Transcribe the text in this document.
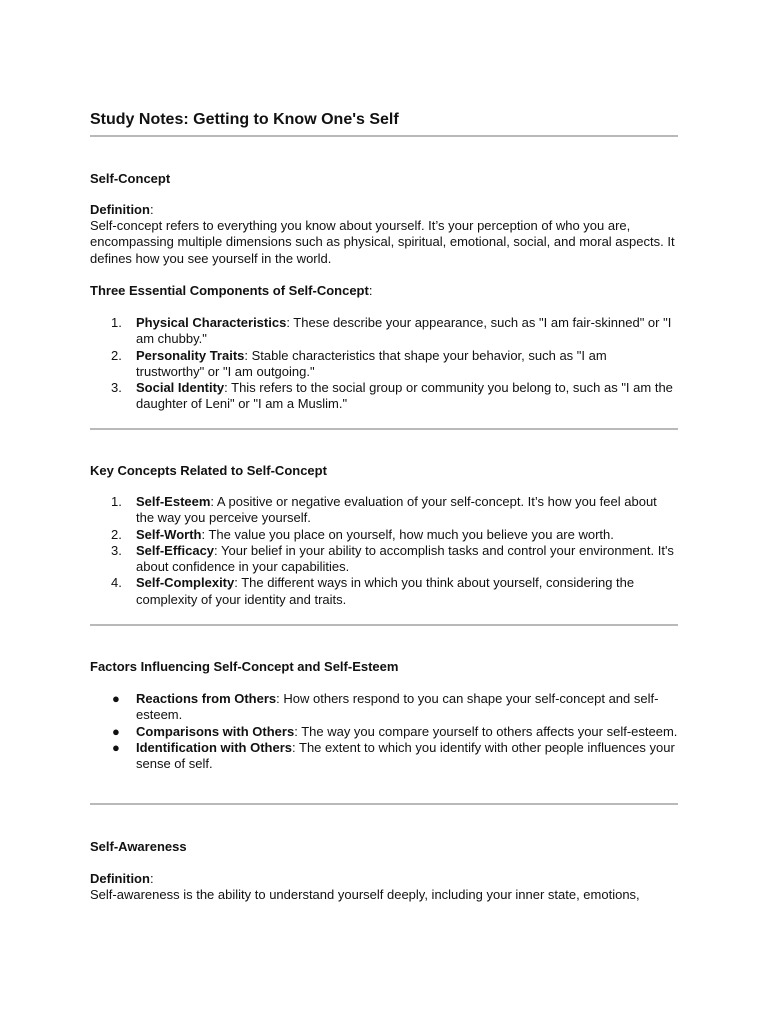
Study Notes: Getting to Know One's Self
Self-Concept
Definition:

Self-concept refers to everything you know about yourself. It’s your perception of who you are, encompassing multiple dimensions such as physical, spiritual, emotional, social, and moral aspects. It defines how you see yourself in the world.

Three Essential Components of Self-Concept:
1.	Physical Characteristics: These describe your appearance, such as "I am fair-skinned" or "I am chubby."
2.	Personality Traits: Stable characteristics that shape your behavior, such as "I am trustworthy" or "I am outgoing."
3.	Social Identity: This refers to the social group or community you belong to, such as "I am the daughter of Leni" or "I am a Muslim."
Key Concepts Related to Self-Concept
1.	Self-Esteem: A positive or negative evaluation of your self-concept. It’s how you feel about the way you perceive yourself.
2.	Self-Worth: The value you place on yourself, how much you believe you are worth.
3.	Self-Efficacy: Your belief in your ability to accomplish tasks and control your environment. It's about confidence in your capabilities.
4.	Self-Complexity: The different ways in which you think about yourself, considering the complexity of your identity and traits.
Factors Influencing Self-Concept and Self-Esteem
●	Reactions from Others: How others respond to you can shape your self-concept and self-esteem.
●	Comparisons with Others: The way you compare yourself to others affects your self-esteem.
●	Identification with Others: The extent to which you identify with other people influences your sense of self.
Self-Awareness
Definition:

Self-awareness is the ability to understand yourself deeply, including your inner state, emotions,
